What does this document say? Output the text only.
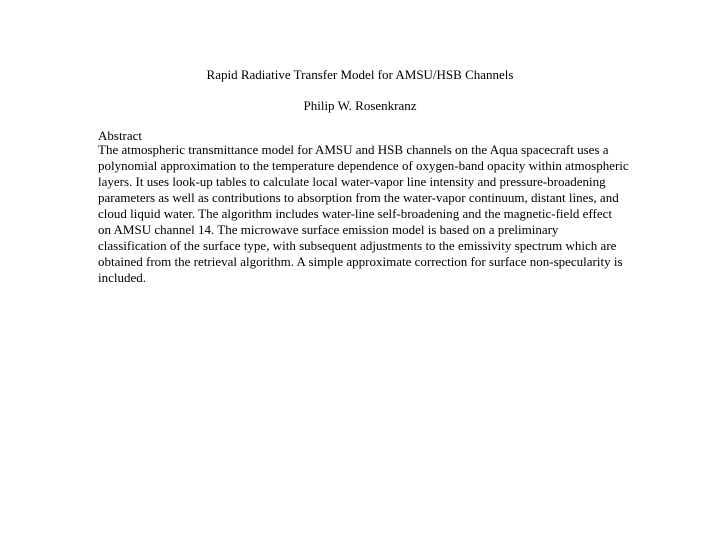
Rapid Radiative Transfer Model for AMSU/HSB Channels
Philip W. Rosenkranz
Abstract
The atmospheric transmittance model for AMSU and HSB channels on the Aqua spacecraft uses a
polynomial approximation to the temperature dependence of oxygen-band opacity within atmospheric
layers. It uses look-up tables to calculate local water-vapor line intensity and pressure-broadening
parameters as well as contributions to absorption from the water-vapor continuum, distant lines, and
cloud liquid water. The algorithm includes water-line self-broadening and the magnetic-field effect
on AMSU channel 14. The microwave surface emission model is based on a preliminary
classification of the surface type, with subsequent adjustments to the emissivity spectrum which are
obtained from the retrieval algorithm. A simple approximate correction for surface non-specularity is
included.
